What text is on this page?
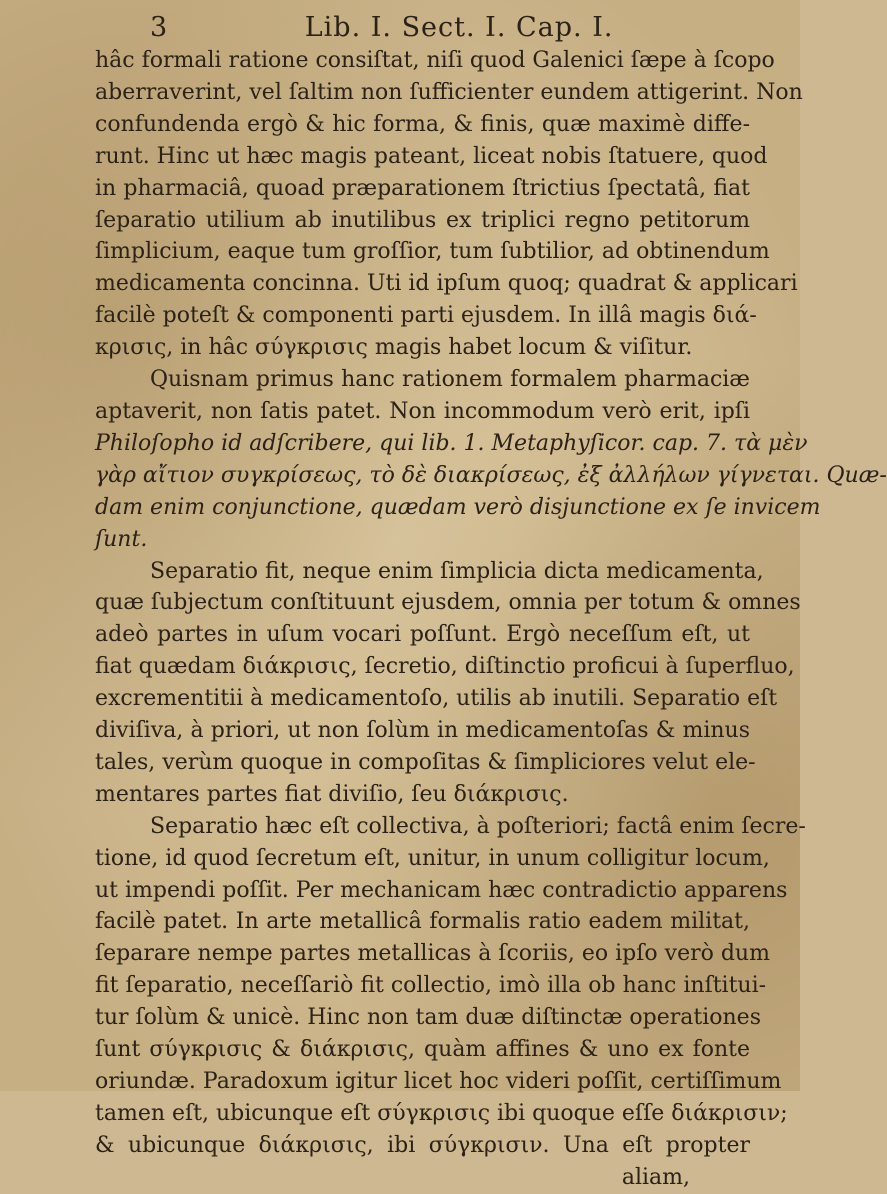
3	Lib. I. Sect. I. Cap. I.
hâc formali ratione consiſtat, niſi quod Galenici ſæpe à ſcopo
aberraverint, vel ſaltim non ſufficienter eundem attigerint. Non
confundenda ergò & hic forma, & finis, quæ maximè diffe-
runt. Hinc ut hæc magis pateant, liceat nobis ſtatuere, quod
in pharmaciâ, quoad præparationem ſtrictius ſpectatâ, fiat
ſeparatio utilium ab inutilibus ex triplici regno petitorum
ſimplicium, eaque tum groſſior, tum ſubtilior, ad obtinendum
medicamenta concinna. Uti id ipſum quoq; quadrat & applicari
facilè poteſt & componenti parti ejusdem. In illâ magis διά-
κρισις, in hâc σύγκρισις magis habet locum & viſitur.
Quisnam primus hanc rationem formalem pharmaciæ
aptaverit, non ſatis patet. Non incommodum verò erit, ipſi
Philoſopho id adſcribere, qui lib. 1. Metaphyſicor. cap. 7. τὰ μὲν
γὰρ αἴτιον συγκρίσεως, τὸ δὲ διακρίσεως, ἐξ ἀλλήλων γίγνεται. Quæ-
dam enim conjunctione, quædam verò disjunctione ex ſe invicem
ſunt.
Separatio fit, neque enim ſimplicia dicta medicamenta,
quæ ſubjectum conſtituunt ejusdem, omnia per totum & omnes
adeò partes in uſum vocari poſſunt. Ergò neceſſum eſt, ut
fiat quædam διάκρισις, ſecretio, diſtinctio proficui à ſuperfluo,
excrementitii à medicamentoſo, utilis ab inutili. Separatio eſt
diviſiva, à priori, ut non ſolùm in medicamentoſas & minus
tales, verùm quoque in compoſitas & ſimpliciores velut ele-
mentares partes fiat diviſio, ſeu διάκρισις.
Separatio hæc eſt collectiva, à poſteriori; factâ enim ſecre-
tione, id quod ſecretum eſt, unitur, in unum colligitur locum,
ut impendi poſſit. Per mechanicam hæc contradictio apparens
facilè patet. In arte metallicâ formalis ratio eadem militat,
ſeparare nempe partes metallicas à ſcoriis, eo ipſo verò dum
fit ſeparatio, neceſſariò fit collectio, imò illa ob hanc inſtitui-
tur ſolùm & unicè. Hinc non tam duæ diſtinctæ operationes
ſunt σύγκρισις & διάκρισις, quàm affines & uno ex fonte
oriundæ. Paradoxum igitur licet hoc videri poſſit, certiſſimum
tamen eſt, ubicunque eſt σύγκρισις ibi quoque eſſe διάκρισιν;
& ubicunque διάκρισις, ibi σύγκρισιν. Una eſt propter
aliam,
